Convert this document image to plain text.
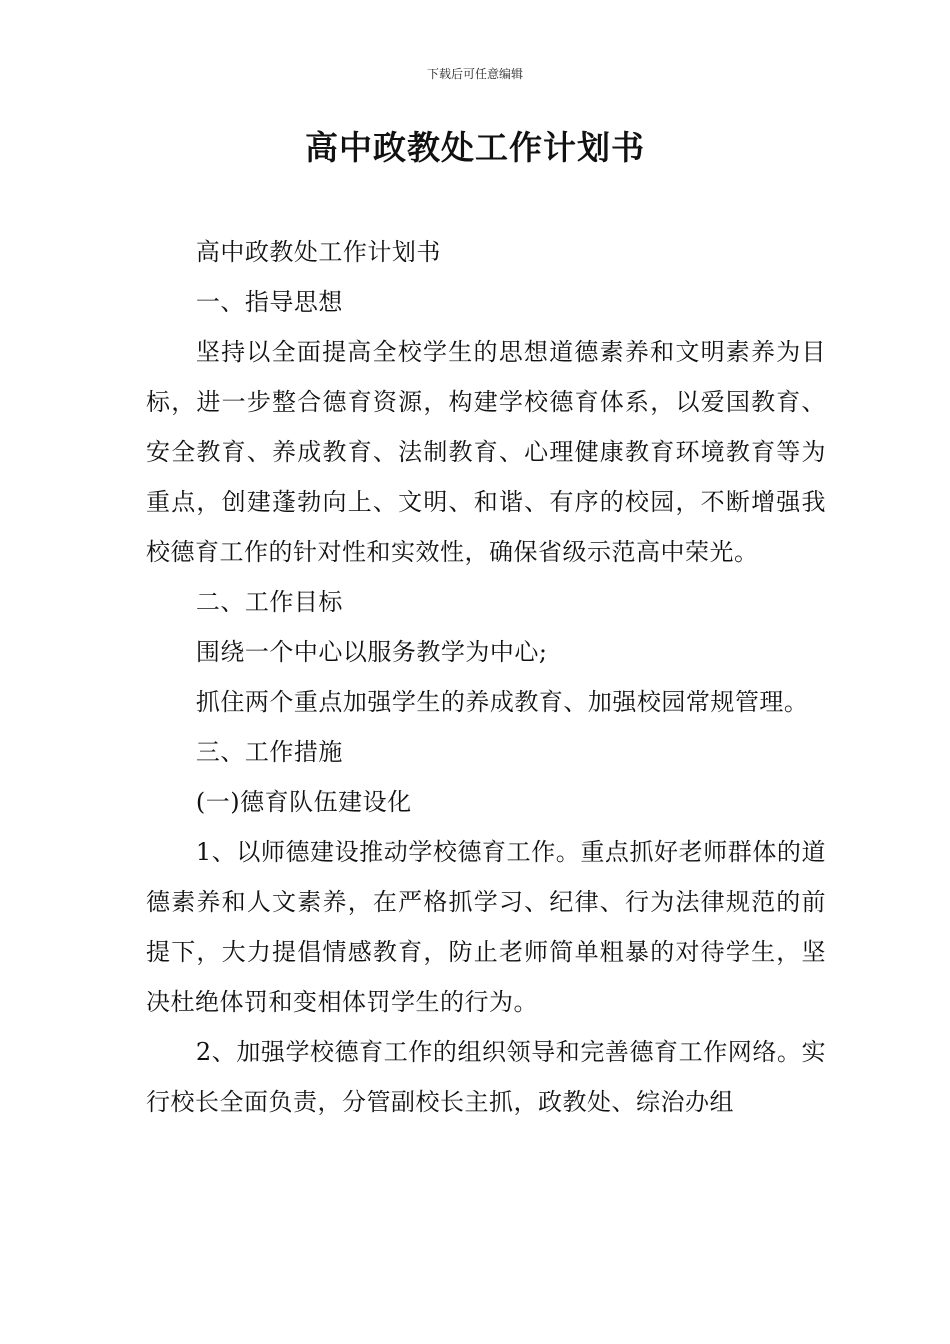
下载后可任意编辑
高中政教处工作计划书

高中政教处工作计划书

一、指导思想

坚持以全面提高全校学生的思想道德素养和文明素养为目标，进一步整合德育资源，构建学校德育体系，以爱国教育、安全教育、养成教育、法制教育、心理健康教育环境教育等为重点，创建蓬勃向上、文明、和谐、有序的校园，不断增强我校德育工作的针对性和实效性，确保省级示范高中荣光。

二、工作目标

围绕一个中心以服务教学为中心;

抓住两个重点加强学生的养成教育、加强校园常规管理。

三、工作措施

(一)德育队伍建设化

1、以师德建设推动学校德育工作。重点抓好老师群体的道德素养和人文素养，在严格抓学习、纪律、行为法律规范的前提下，大力提倡情感教育，防止老师简单粗暴的对待学生，坚决杜绝体罚和变相体罚学生的行为。

2、加强学校德育工作的组织领导和完善德育工作网络。实行校长全面负责，分管副校长主抓，政教处、综治办组
